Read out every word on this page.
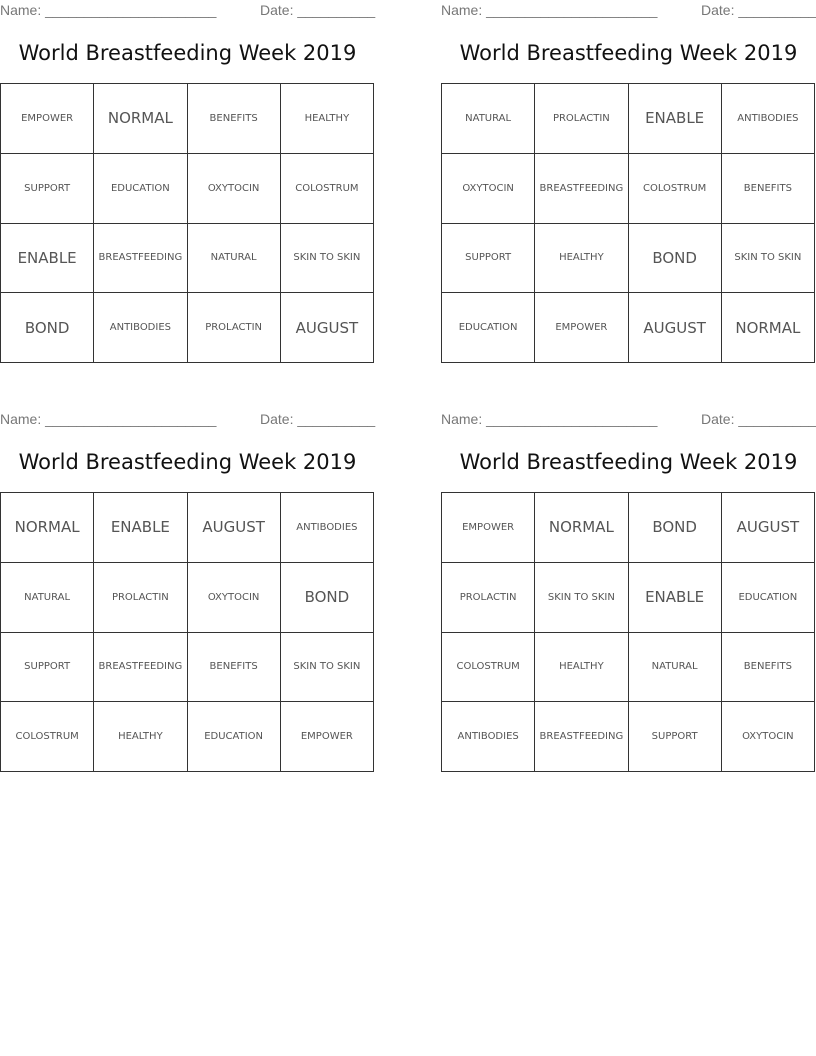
Name: ______________________	Date: __________
World Breastfeeding Week 2019
EMPOWER	NORMAL	BENEFITS	HEALTHY
SUPPORT	EDUCATION	OXYTOCIN	COLOSTRUM
ENABLE	BREASTFEEDING	NATURAL	SKIN TO SKIN
BOND	ANTIBODIES	PROLACTIN	AUGUST
Name: ______________________	Date: __________
World Breastfeeding Week 2019
NATURAL	PROLACTIN	ENABLE	ANTIBODIES
OXYTOCIN	BREASTFEEDING	COLOSTRUM	BENEFITS
SUPPORT	HEALTHY	BOND	SKIN TO SKIN
EDUCATION	EMPOWER	AUGUST	NORMAL
Name: ______________________	Date: __________
World Breastfeeding Week 2019
NORMAL	ENABLE	AUGUST	ANTIBODIES
NATURAL	PROLACTIN	OXYTOCIN	BOND
SUPPORT	BREASTFEEDING	BENEFITS	SKIN TO SKIN
COLOSTRUM	HEALTHY	EDUCATION	EMPOWER
Name: ______________________	Date: __________
World Breastfeeding Week 2019
EMPOWER	NORMAL	BOND	AUGUST
PROLACTIN	SKIN TO SKIN	ENABLE	EDUCATION
COLOSTRUM	HEALTHY	NATURAL	BENEFITS
ANTIBODIES	BREASTFEEDING	SUPPORT	OXYTOCIN
